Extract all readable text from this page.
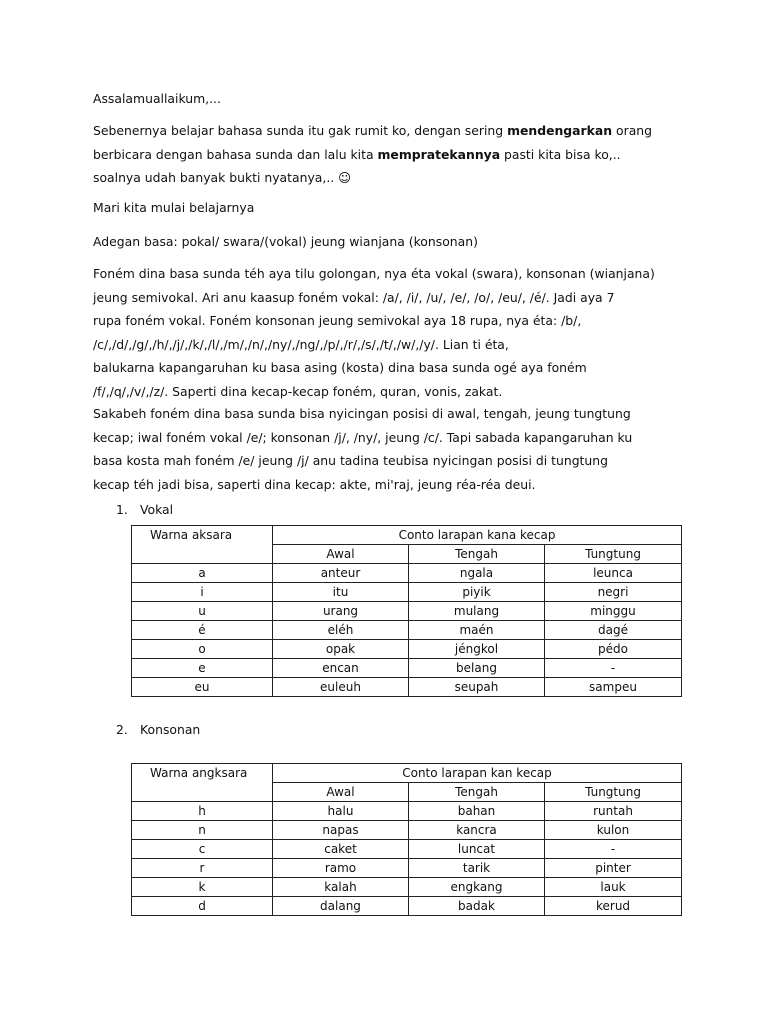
Assalamuallaikum,...

Sebenernya belajar bahasa sunda itu gak rumit ko, dengan sering mendengarkan orang
berbicara dengan bahasa sunda dan lalu kita mempratekannya pasti kita bisa ko,..
soalnya udah banyak bukti nyatanya,.. ☺
Mari kita mulai belajarnya
Adegan basa: pokal/ swara/(vokal) jeung wianjana (konsonan)
Foném dina basa sunda téh aya tilu golongan, nya éta vokal (swara), konsonan (wianjana)
jeung semivokal. Ari anu kaasup foném vokal: /a/, /i/, /u/, /e/, /o/, /eu/, /é/. Jadi aya 7
rupa foném vokal. Foném konsonan jeung semivokal aya 18 rupa, nya éta: /b/,
/c/,/d/,/g/,/h/,/j/,/k/,/l/,/m/,/n/,/ny/,/ng/,/p/,/r/,/s/,/t/,/w/,/y/. Lian ti éta,
balukarna kapangaruhan ku basa asing (kosta) dina basa sunda ogé aya foném
/f/,/q/,/v/,/z/. Saperti dina kecap-kecap foném, quran, vonis, zakat.
Sakabeh foném dina basa sunda bisa nyicingan posisi di awal, tengah, jeung tungtung
kecap; iwal foném vokal /e/; konsonan /j/, /ny/, jeung /c/. Tapi sabada kapangaruhan ku
basa kosta mah foném /e/ jeung /j/ anu tadina teubisa nyicingan posisi di tungtung
kecap téh jadi bisa, saperti dina kecap: akte, mi'raj, jeung réa-réa deui.
1. Vokal
Warna aksara	Conto larapan kana kecap		
	Awal	Tengah	Tungtung
a	anteur	ngala	leunca
i	itu	piyik	negri
u	urang	mulang	minggu
é	eléh	maén	dagé
o	opak	jéngkol	pédo
e	encan	belang	-
eu	euleuh	seupah	sampeu
2. Konsonan
Warna angksara	Conto larapan kan kecap		
	Awal	Tengah	Tungtung
h	halu	bahan	runtah
n	napas	kancra	kulon
c	caket	luncat	-
r	ramo	tarik	pinter
k	kalah	engkang	lauk
d	dalang	badak	kerud
